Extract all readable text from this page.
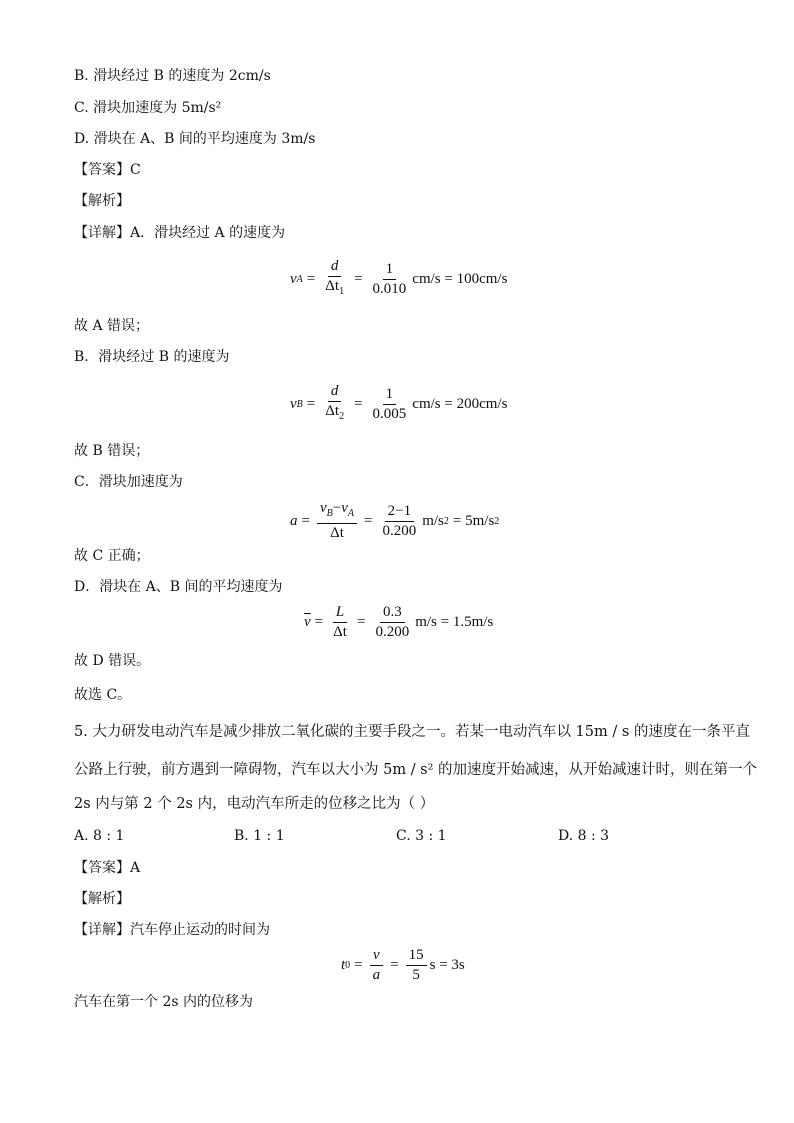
B. 滑块经过 B 的速度为 2cm/s
C. 滑块加速度为 5m/s²
D. 滑块在 A、B 间的平均速度为 3m/s
【答案】C
【解析】
【详解】A．滑块经过 A 的速度为
v $A = \frac{d}{\Delta t_1} = \frac{1}{0.010} cm/s = 100cm/s$
故 A 错误；
B．滑块经过 B 的速度为
v $B = \frac{d}{\Delta t_2} = \frac{1}{0.005} cm/s = 200cm/s$
故 B 错误；
C．滑块加速度为
$a = \frac{v_B-v_A}{\Delta t} = \frac{2-1}{0.200} m/s$ 2 = 5m/s 2
故 C 正确；
D．滑块在 A、B 间的平均速度为
$\overline{v} = \frac{L}{\Delta t} = \frac{0.3}{0.200} m/s = 1.5m/s$
故 D 错误。
故选 C。
5. 大力研发电动汽车是减少排放二氧化碳的主要手段之一。若某一电动汽车以 15m / s 的速度在一条平直
公路上行驶，前方遇到一障碍物，汽车以大小为 5m / s² 的加速度开始减速，从开始减速计时，则在第一个
2s 内与第 2 个 2s 内，电动汽车所走的位移之比为（ ）
A. 8 : 1	B. 1 : 1	C. 3 : 1	D. 8 : 3
【答案】A
【解析】
【详解】汽车停止运动的时间为
t $0 = \frac{v}{a} = \frac{15}{5}$ s = 3s
汽车在第一个 2s 内的位移为
